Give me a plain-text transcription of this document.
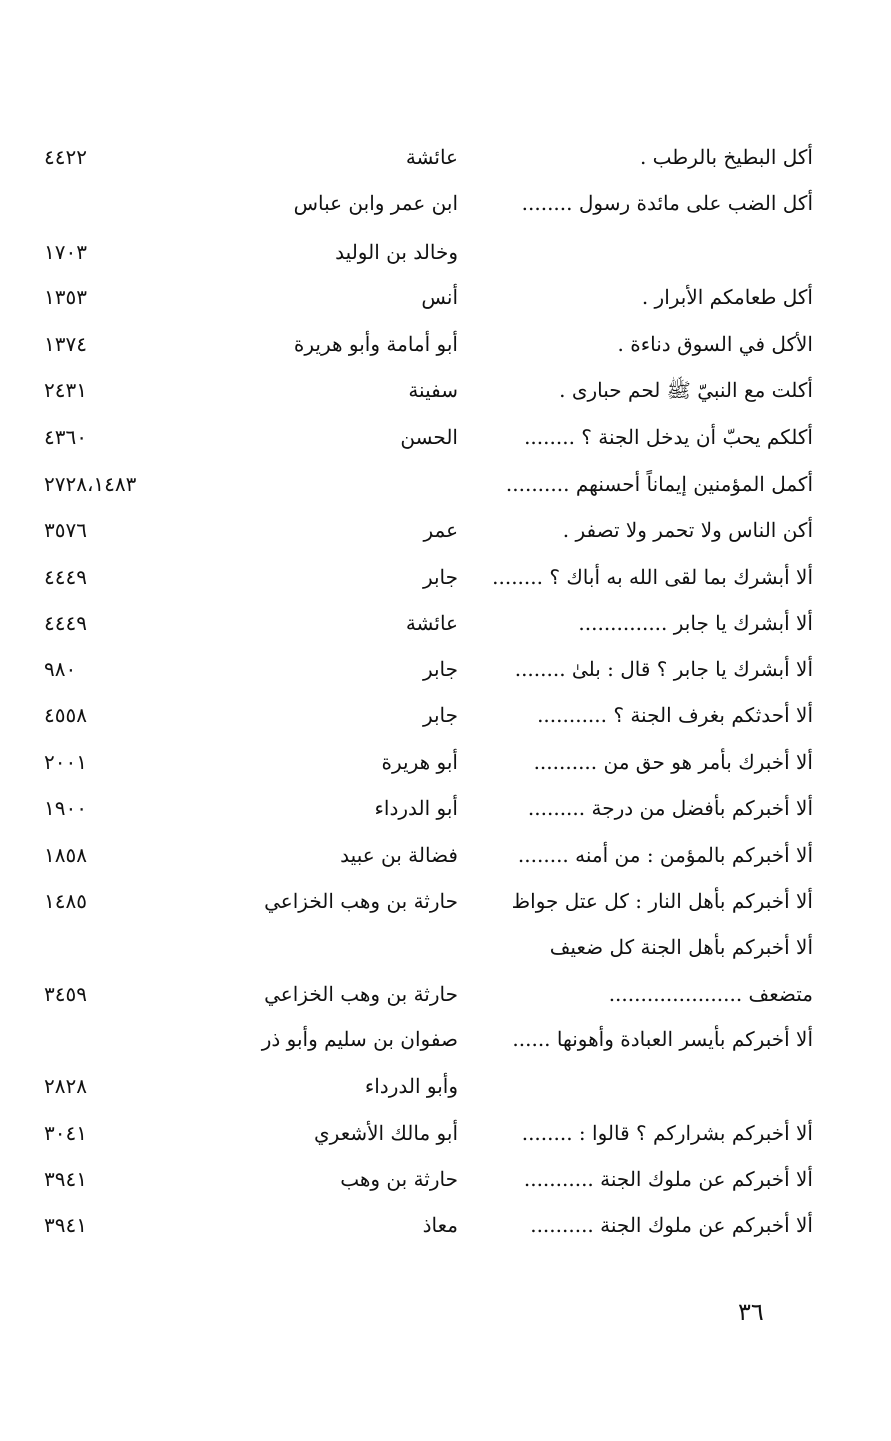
أكل البطيخ بالرطب .
عائشة
٤٤٢٢
أكل الضب على مائدة رسول ........
ابن عمر وابن عباس
وخالد بن الوليد
١٧٠٣
أكل طعامكم الأبرار .
أنس
١٣٥٣
الأكل في السوق دناءة .
أبو أمامة وأبو هريرة
١٣٧٤
أكلت مع النبيّ ﷺ لحم حبارى .
سفينة
٢٤٣١
أكلكم يحبّ أن يدخل الجنة ؟ ........
الحسن
٤٣٦٠
أكمل المؤمنين إيماناً أحسنهم ..........
٢٧٢٨،١٤٨٣
أكن الناس ولا تحمر ولا تصفر .
عمر
٣٥٧٦
ألا أبشرك بما لقى الله به أباك ؟ ........
جابر
٤٤٤٩
ألا أبشرك يا جابر ..............
عائشة
٤٤٤٩
ألا أبشرك يا جابر ؟ قال : بلىٰ ........
جابر
٩٨٠
ألا أحدثكم بغرف الجنة ؟ ...........
جابر
٤٥٥٨
ألا أخبرك بأمر هو حق من ..........
أبو هريرة
٢٠٠١
ألا أخبركم بأفضل من درجة .........
أبو الدرداء
١٩٠٠
ألا أخبركم بالمؤمن : من أمنه ........
فضالة بن عبيد
١٨٥٨
ألا أخبركم بأهل النار : كل عتل جواظ
حارثة بن وهب الخزاعي
١٤٨٥
ألا أخبركم بأهل الجنة كل ضعيف
متضعف .....................
حارثة بن وهب الخزاعي
٣٤٥٩
ألا أخبركم بأيسر العبادة وأهونها ......
صفوان بن سليم وأبو ذر
وأبو الدرداء
٢٨٢٨
ألا أخبركم بشراركم ؟ قالوا : ........
أبو مالك الأشعري
٣٠٤١
ألا أخبركم عن ملوك الجنة ...........
حارثة بن وهب
٣٩٤١
ألا أخبركم عن ملوك الجنة ..........
معاذ
٣٩٤١
٣٦
